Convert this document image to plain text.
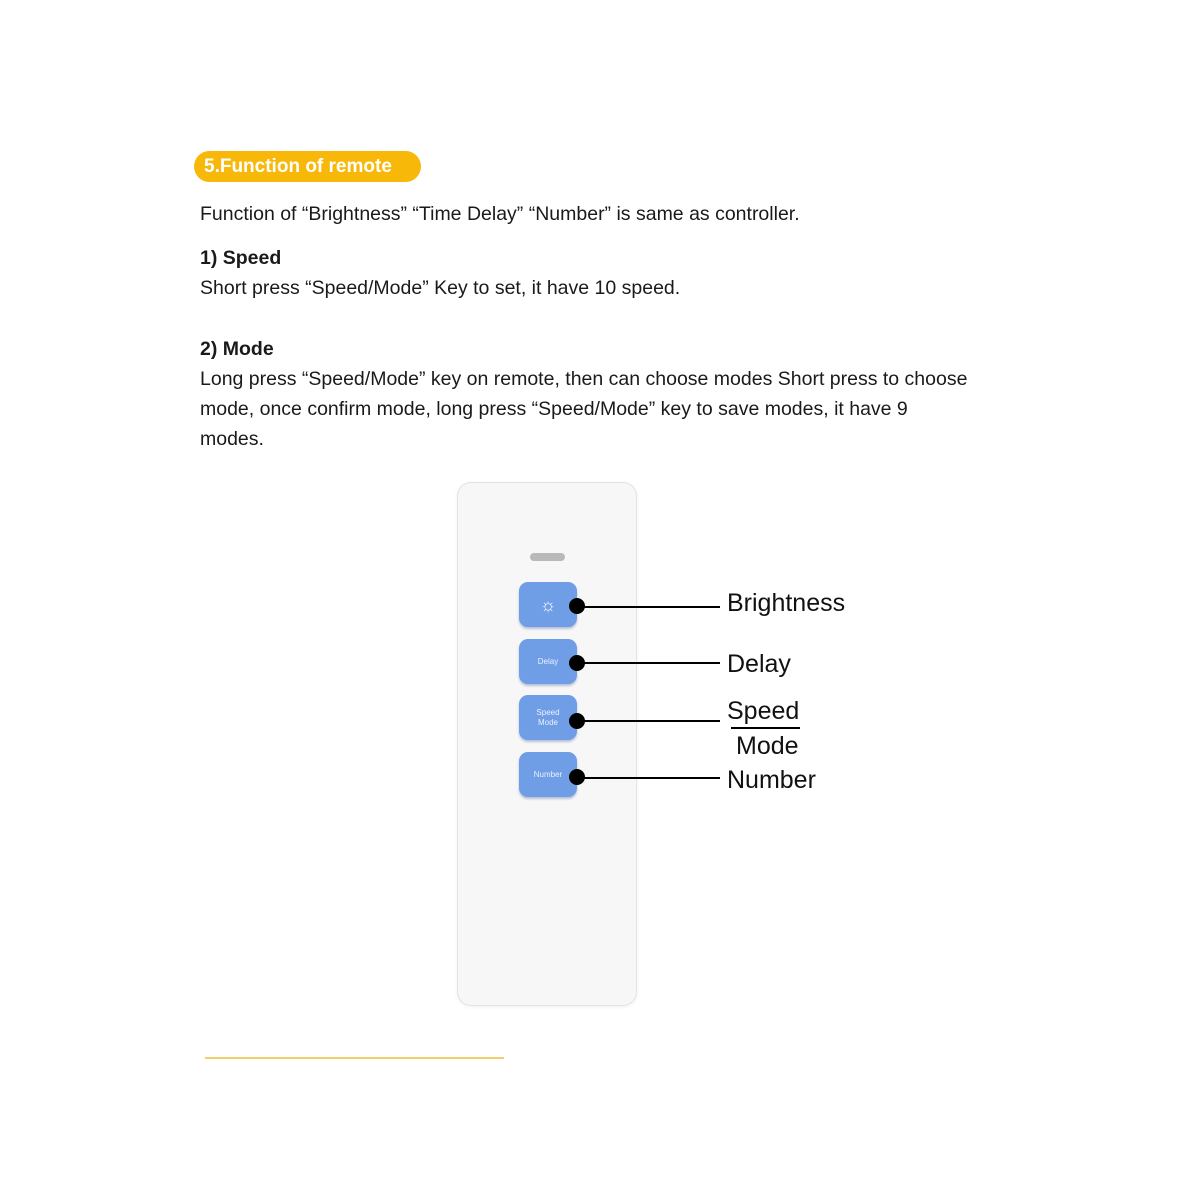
5.Function of remote
Function of “Brightness” “Time Delay” “Number” is same as controller.
1) Speed
Short press “Speed/Mode” Key to set, it have 10 speed.
2) Mode
Long press “Speed/Mode” key on remote, then can choose modes Short press to choose mode, once confirm mode, long press “Speed/Mode” key to save modes, it have 9 modes.
☼
Delay
Speed
Mode
Number
Brightness
Delay
Speed
Mode
Number
